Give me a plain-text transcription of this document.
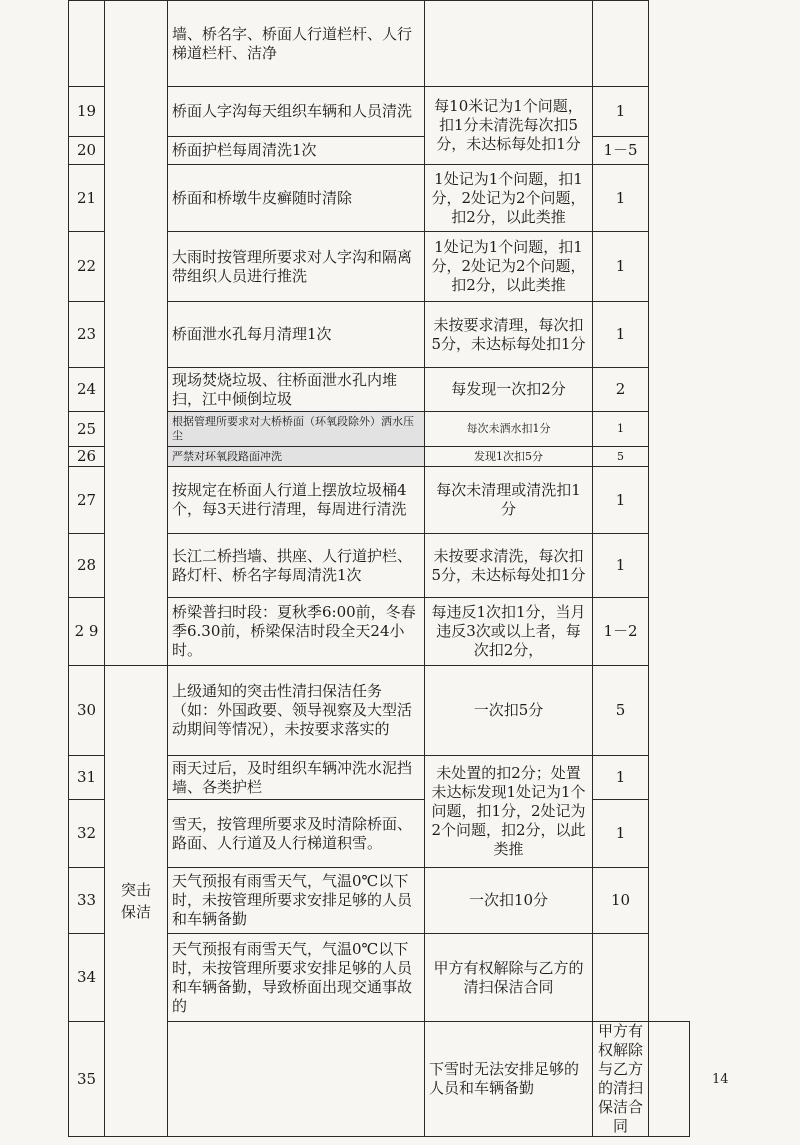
		墙、桥名字、桥面人行道栏杆、人行梯道栏杆、洁净			
19		桥面人字沟每天组织车辆和人员清洗	每10米记为1个问题，扣1分未清洗每次扣5分，未达标每处扣1分	1	
20		桥面护栏每周清洗1次		1－5	
21		桥面和桥墩牛皮癣随时清除	1处记为1个问题，扣1分，2处记为2个问题，扣2分，以此类推	1	
22		大雨时按管理所要求对人字沟和隔离带组织人员进行推洗	1处记为1个问题，扣1分，2处记为2个问题，扣2分，以此类推	1	
23		桥面泄水孔每月清理1次	未按要求清理，每次扣5分，未达标每处扣1分	1	
24		现场焚烧垃圾、往桥面泄水孔内堆扫，江中倾倒垃圾	每发现一次扣2分	2	
25		根据管理所要求对大桥桥面（环氧段除外）洒水压尘	每次未洒水扣1分	1	
26		严禁对环氧段路面冲洗	发现1次扣5分	5	
27		按规定在桥面人行道上摆放垃圾桶4个，每3天进行清理，每周进行清洗	每次未清理或清洗扣1分	1	
28		长江二桥挡墙、拱座、人行道护栏、路灯杆、桥名字每周清洗1次	未按要求清洗，每次扣5分，未达标每处扣1分	1	
2 9		桥梁普扫时段：夏秋季6:00前，冬春季6.30前，桥梁保洁时段全天24小时。	每违反1次扣1分，当月违反3次或以上者，每次扣2分，	1－2	
30	突击保洁	上级通知的突击性清扫保洁任务（如：外国政要、领导视察及大型活动期间等情况），未按要求落实的	一次扣5分	5	
31		雨天过后，及时组织车辆冲洗水泥挡墙、各类护栏	未处置的扣2分；处置未达标发现1处记为1个问题，扣1分，2处记为2个问题，扣2分，以此类推	1	
32		雪天，按管理所要求及时清除桥面、路面、人行道及人行梯道积雪。		1	
33		天气预报有雨雪天气，气温0℃以下时，未按管理所要求安排足够的人员和车辆备勤	一次扣10分	10	
34		天气预报有雨雪天气，气温0℃以下时，未按管理所要求安排足够的人员和车辆备勤，导致桥面出现交通事故的	甲方有权解除与乙方的清扫保洁合同		
35			下雪时无法安排足够的人员和车辆备勤	甲方有权解除与乙方的清扫保洁合同	
14
